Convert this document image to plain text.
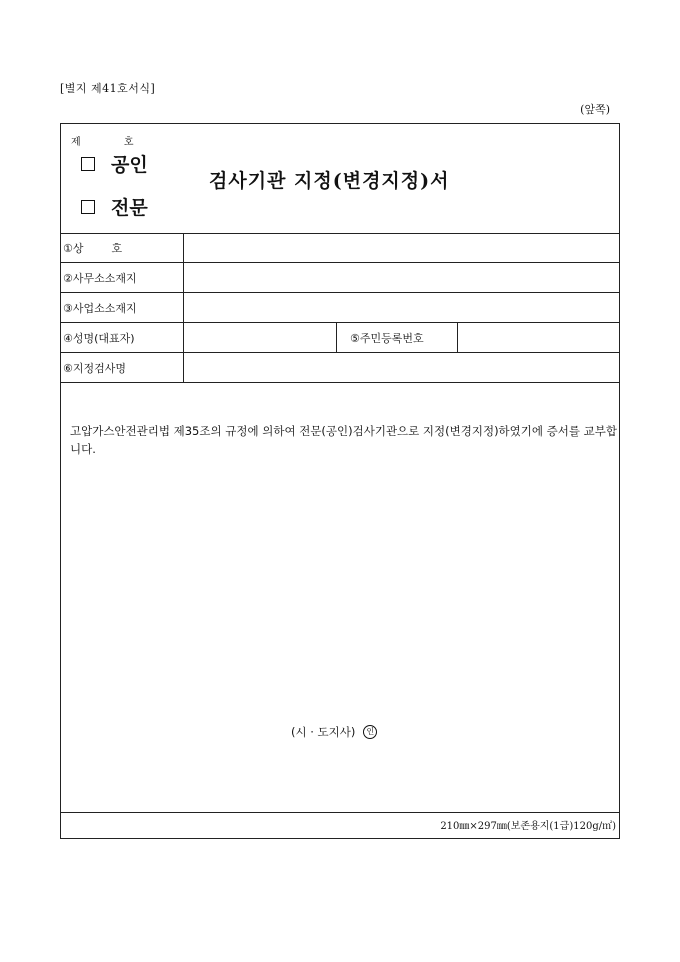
[별지 제41호서식]
(앞쪽)
제 호
공인
전문
검사기관 지정(변경지정)서
①상        호
②사무소소재지
③사업소소재지
④성명(대표자)	⑤주민등록번호
⑥지정검사명
고압가스안전관리법 제35조의 규정에 의하여 전문(공인)검사기관으로 지정(변경지정)하였기에 증서를 교부합니다.
(시 · 도지사)	인
210㎜×297㎜(보존용지(1급)120g/㎡)
